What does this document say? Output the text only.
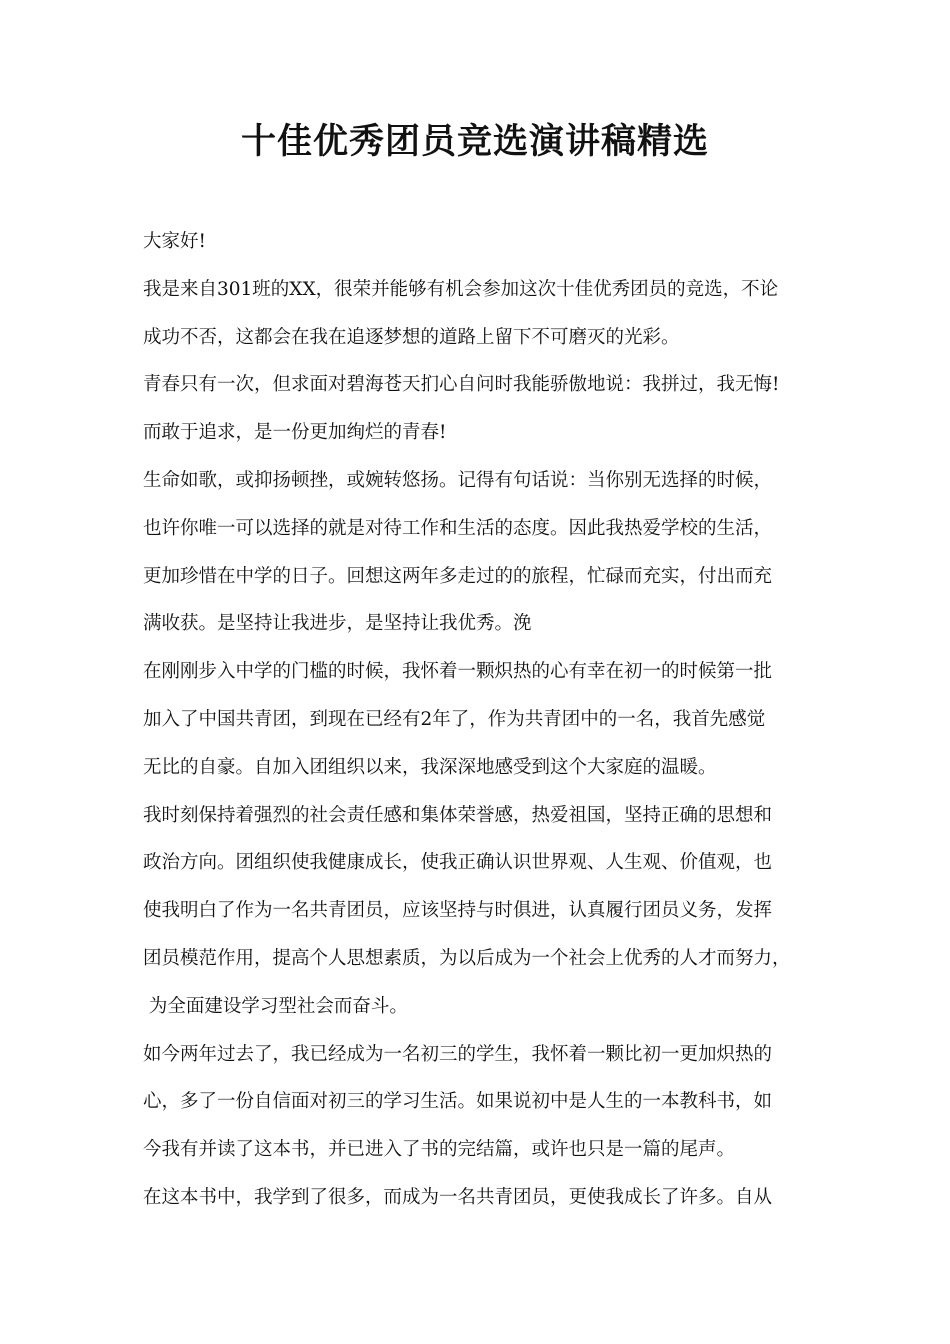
十佳优秀团员竞选演讲稿精选
大家好!
我是来自301班的XX，很荣并能够有机会参加这次十佳优秀团员的竞选，不论
成功不否，这都会在我在追逐梦想的道路上留下不可磨灭的光彩。
青春只有一次，但求面对碧海苍天扪心自问时我能骄傲地说：我拼过，我无悔!
而敢于追求，是一份更加绚烂的青春!
生命如歌，或抑扬顿挫，或婉转悠扬。记得有句话说：当你别无选择的时候，
也许你唯一可以选择的就是对待工作和生活的态度。因此我热爱学校的生活，
更加珍惜在中学的日子。回想这两年多走过的的旅程，忙碌而充实，付出而充
满收获。是坚持让我进步，是坚持让我优秀。浼
在刚刚步入中学的门槛的时候，我怀着一颗炽热的心有幸在初一的时候第一批
加入了中国共青团，到现在已经有2年了，作为共青团中的一名，我首先感觉
无比的自豪。自加入团组织以来，我深深地感受到这个大家庭的温暖。
我时刻保持着强烈的社会责任感和集体荣誉感，热爱祖国，坚持正确的思想和
政治方向。团组织使我健康成长，使我正确认识世界观、人生观、价值观，也
使我明白了作为一名共青团员，应该坚持与时俱进，认真履行团员义务，发挥
团员模范作用，提高个人思想素质，为以后成为一个社会上优秀的人才而努力，
为全面建设学习型社会而奋斗。
如今两年过去了，我已经成为一名初三的学生，我怀着一颗比初一更加炽热的
心，多了一份自信面对初三的学习生活。如果说初中是人生的一本教科书，如
今我有并读了这本书，并已进入了书的完结篇，或许也只是一篇的尾声。
在这本书中，我学到了很多，而成为一名共青团员，更使我成长了许多。自从
